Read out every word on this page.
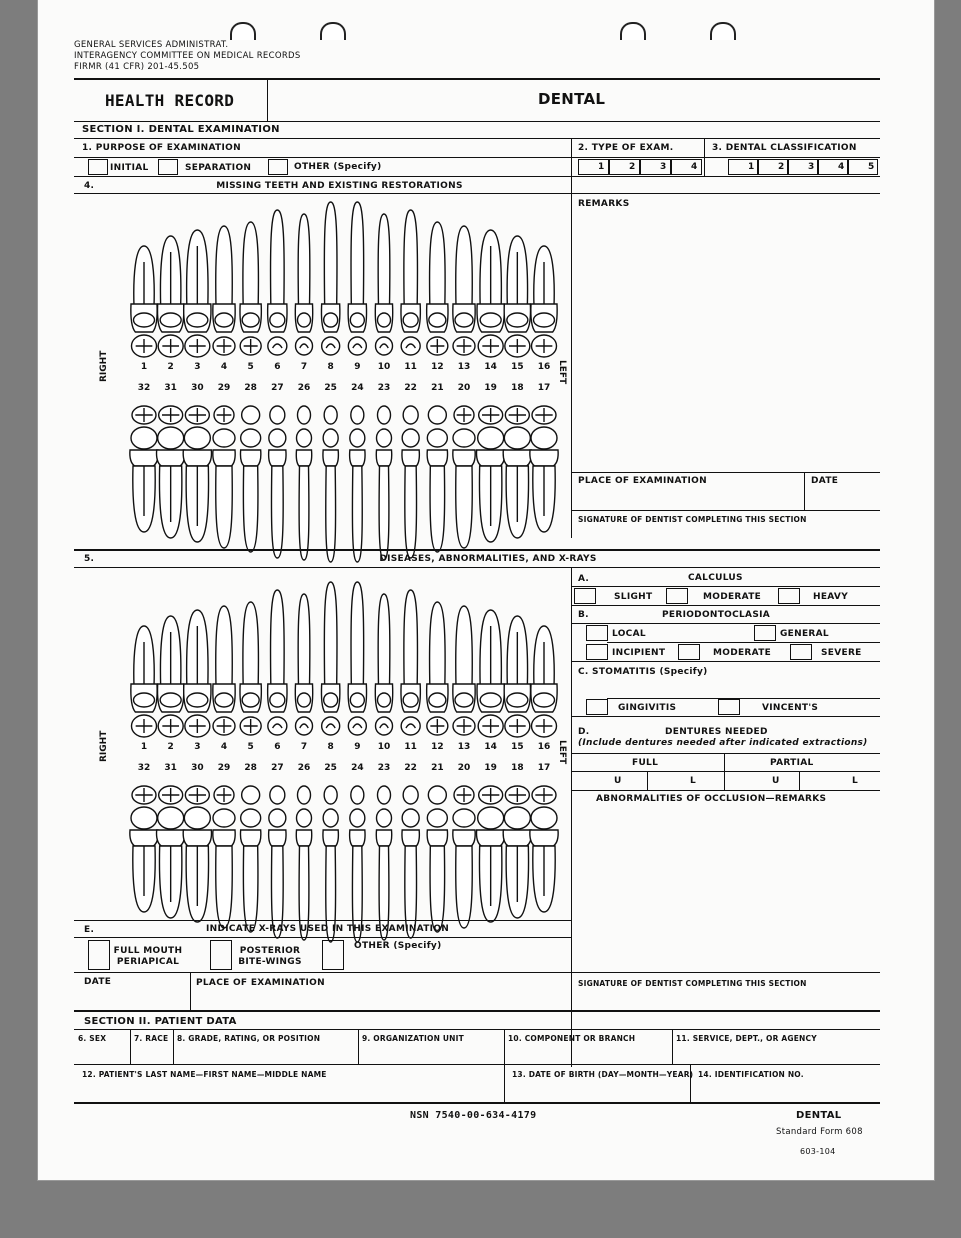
GENERAL SERVICES ADMINISTRAT.
INTERAGENCY COMMITTEE ON MEDICAL RECORDS
FIRMR (41 CFR) 201-45.505
HEALTH RECORD	DENTAL
SECTION I. DENTAL EXAMINATION
1. PURPOSE OF EXAMINATION	2. TYPE OF EXAM.	3. DENTAL CLASSIFICATION
INITIAL	SEPARATION	OTHER (Specify)
4.	MISSING TEETH AND EXISTING RESTORATIONS
REMARKS
1 2 3 4 5 6 7 8 9 10 11 12 13 14 15 16
32 31 30 29 28 27 26 25 24 23 22 21 20 19 18 17
RIGHT	LEFT
PLACE OF EXAMINATION	DATE
SIGNATURE OF DENTIST COMPLETING THIS SECTION
5.	DISEASES, ABNORMALITIES, AND X-RAYS
1 2 3 4 5 6 7 8 9 10 11 12 13 14 15 16
32 31 30 29 28 27 26 25 24 23 22 21 20 19 18 17
RIGHT	LEFT
A.	CALCULUS
SLIGHT	MODERATE	HEAVY
B.	PERIODONTOCLASIA
LOCAL	GENERAL
INCIPIENT	MODERATE	SEVERE
C. STOMATITIS (Specify)
GINGIVITIS	VINCENT'S
D.	DENTURES NEEDED
(Include dentures needed after indicated extractions)
FULL	PARTIAL
U	L	U	L
ABNORMALITIES OF OCCLUSION—REMARKS
E.	INDICATE X-RAYS USED IN THIS EXAMINATION
FULL MOUTH PERIAPICAL
POSTERIOR BITE-WINGS
OTHER (Specify)
DATE	PLACE OF EXAMINATION	SIGNATURE OF DENTIST COMPLETING THIS SECTION
SECTION II. PATIENT DATA
NSN 7540-00-634-4179	DENTAL
Standard Form 608
603-104
1	2	3	4	1	2	3	4	5
6. SEX	7. RACE 8. GRADE, RATING, OR POSITION	9. ORGANIZATION UNIT	10. COMPONENT OR BRANCH	11. SERVICE, DEPT., OR AGENCY
12. PATIENT'S LAST NAME—FIRST NAME—MIDDLE NAME	13. DATE OF BIRTH (DAY—MONTH—YEAR) 14. IDENTIFICATION NO.
